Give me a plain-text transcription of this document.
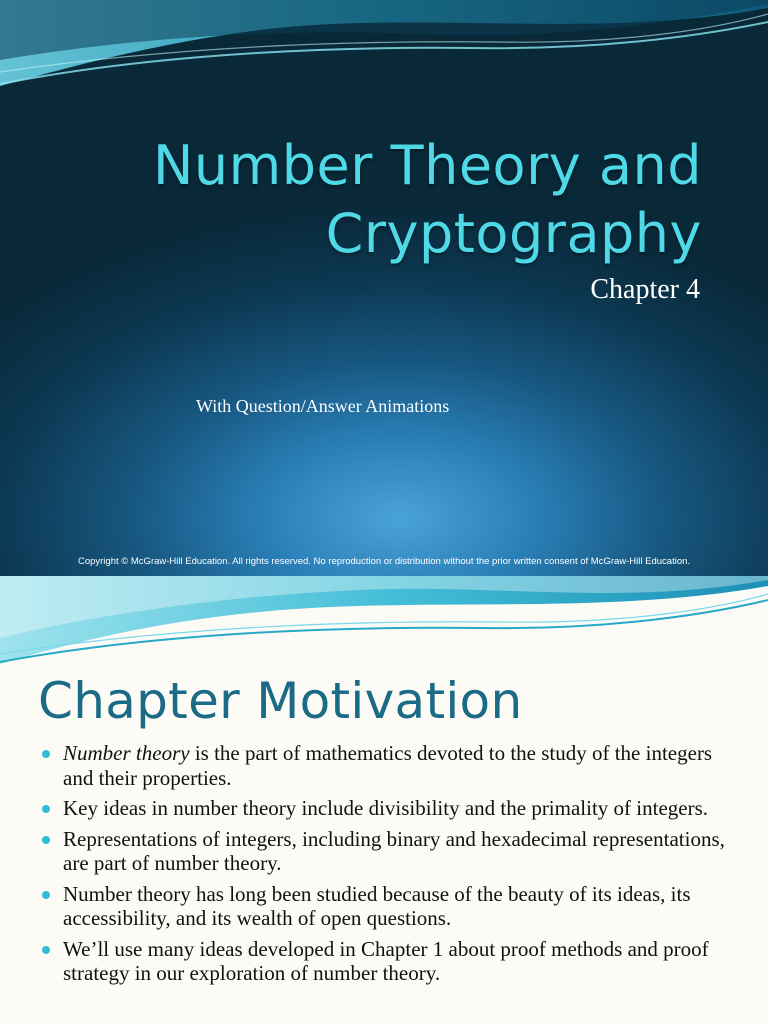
Number Theory and
Cryptography
Chapter 4
With Question/Answer Animations
Copyright © McGraw-Hill Education. All rights reserved. No reproduction or distribution without the prior written consent of McGraw-Hill Education.
Chapter Motivation
Number theory is the part of mathematics devoted to the study of the integers and their properties.
Key ideas in number theory include divisibility and the primality of integers.
Representations of integers, including binary and hexadecimal representations, are part of number theory.
Number theory has long been studied because of the beauty of its ideas, its accessibility, and its wealth of open questions.
We’ll use many ideas developed in Chapter 1 about proof methods and proof strategy in our exploration of number theory.
